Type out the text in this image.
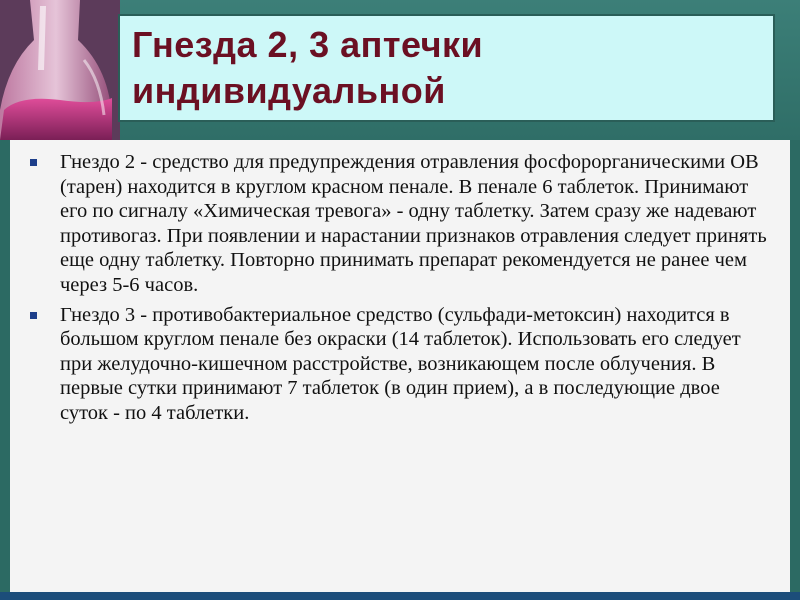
Гнезда 2, 3 аптечки индивидуальной
Гнездо 2 - средство для предупреждения отравления фосфорорганическими ОВ (тарен) находится в круглом красном пенале. В пенале 6 таблеток. Принимают его по сигналу «Химическая тревога» - одну таблетку. Затем сразу же надевают противогаз. При появлении и нарастании признаков отравления следует принять еще одну таблетку. Повторно принимать препарат рекомендуется не ранее чем через 5-6 часов.
Гнездо 3 - противобактериальное средство (сульфади-метоксин) находится в большом круглом пенале без окраски (14 таблеток). Использовать его следует при желудочно-кишечном расстройстве, возникающем после облучения. В первые сутки принимают 7 таблеток (в один прием), а в последующие двое суток - по 4 таблетки.
